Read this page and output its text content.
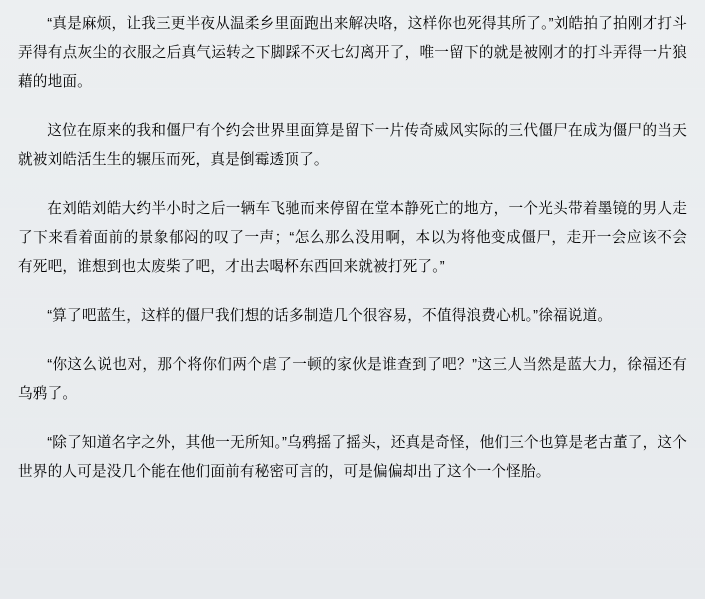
“真是麻烦，让我三更半夜从温柔乡里面跑出来解决咯，这样你也死得其所了。”刘皓拍了拍刚才打斗弄得有点灰尘的衣服之后真气运转之下脚踩不灭七幻离开了，唯一留下的就是被刚才的打斗弄得一片狼藉的地面。

这位在原来的我和僵尸有个约会世界里面算是留下一片传奇威风实际的三代僵尸在成为僵尸的当天就被刘皓活生生的辗压而死，真是倒霉透顶了。

在刘皓刘皓大约半小时之后一辆车飞驰而来停留在堂本静死亡的地方，一个光头带着墨镜的男人走了下来看着面前的景象郁闷的叹了一声；“怎么那么没用啊，本以为将他变成僵尸，走开一会应该不会有死吧，谁想到也太废柴了吧，才出去喝杯东西回来就被打死了。”

“算了吧蓝生，这样的僵尸我们想的话多制造几个很容易，不值得浪费心机。”徐福说道。

“你这么说也对，那个将你们两个虐了一顿的家伙是谁查到了吧？”这三人当然是蓝大力，徐福还有乌鸦了。

“除了知道名字之外，其他一无所知。”乌鸦摇了摇头，还真是奇怪，他们三个也算是老古董了，这个世界的人可是没几个能在他们面前有秘密可言的，可是偏偏却出了这个一个怪胎。
